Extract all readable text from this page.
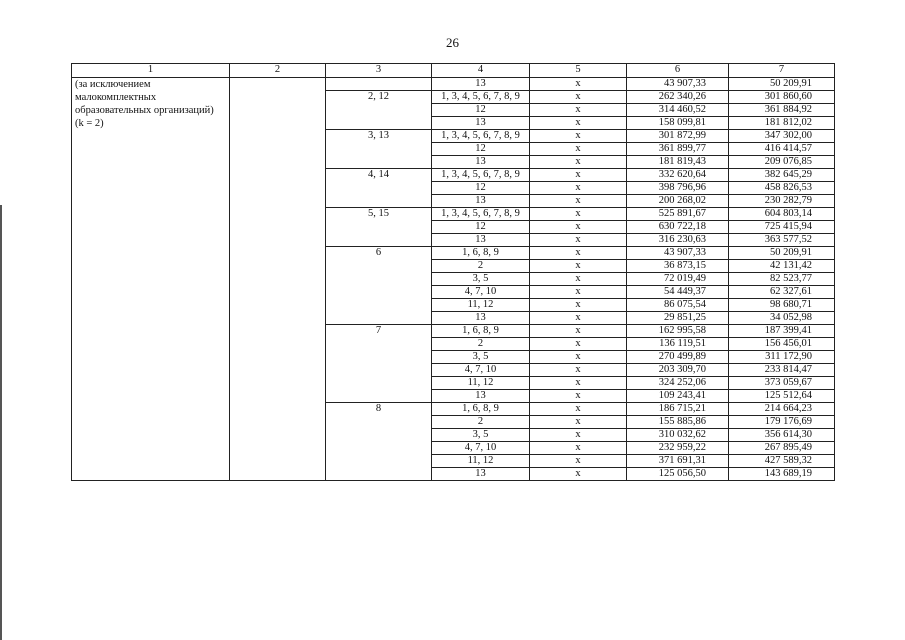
26
1	2	3	4	5	6	7
(за исключением малокомплектных образовательных организаций) (k = 2)			13	х	43 907,33	50 209,91
		2, 12	1, 3, 4, 5, 6, 7, 8, 9	х	262 340,26	301 860,60
			12	х	314 460,52	361 884,92
			13	х	158 099,81	181 812,02
		3, 13	1, 3, 4, 5, 6, 7, 8, 9	х	301 872,99	347 302,00
			12	х	361 899,77	416 414,57
			13	х	181 819,43	209 076,85
		4, 14	1, 3, 4, 5, 6, 7, 8, 9	х	332 620,64	382 645,29
			12	х	398 796,96	458 826,53
			13	х	200 268,02	230 282,79
		5, 15	1, 3, 4, 5, 6, 7, 8, 9	х	525 891,67	604 803,14
			12	х	630 722,18	725 415,94
			13	х	316 230,63	363 577,52
		6	1, 6, 8, 9	х	43 907,33	50 209,91
			2	х	36 873,15	42 131,42
			3, 5	х	72 019,49	82 523,77
			4, 7, 10	х	54 449,37	62 327,61
			11, 12	х	86 075,54	98 680,71
			13	х	29 851,25	34 052,98
		7	1, 6, 8, 9	х	162 995,58	187 399,41
			2	х	136 119,51	156 456,01
			3, 5	х	270 499,89	311 172,90
			4, 7, 10	х	203 309,70	233 814,47
			11, 12	х	324 252,06	373 059,67
			13	х	109 243,41	125 512,64
		8	1, 6, 8, 9	х	186 715,21	214 664,23
			2	х	155 885,86	179 176,69
			3, 5	х	310 032,62	356 614,30
			4, 7, 10	х	232 959,22	267 895,49
			11, 12	х	371 691,31	427 589,32
			13	х	125 056,50	143 689,19
